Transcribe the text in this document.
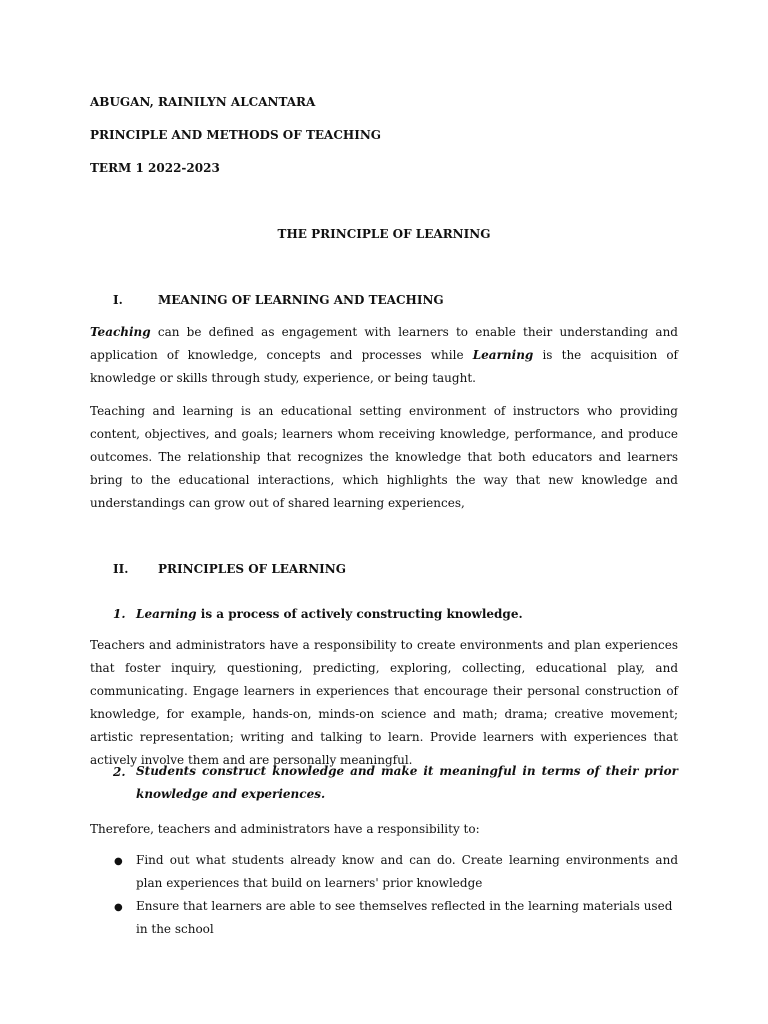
ABUGAN, RAINILYN ALCANTARA
PRINCIPLE AND METHODS OF TEACHING
TERM 1 2022-2023
THE PRINCIPLE OF LEARNING
I.	MEANING OF LEARNING AND TEACHING

Teaching can be defined as engagement with learners to enable their understanding and application of knowledge, concepts and processes while Learning is the acquisition of knowledge or skills through study, experience, or being taught.

Teaching and learning is an educational setting environment of instructors who providing content, objectives, and goals; learners whom receiving knowledge, performance, and produce outcomes. The relationship that recognizes the knowledge that both educators and learners bring to the educational interactions, which highlights the way that new knowledge and understandings can grow out of shared learning experiences,

II. PRINCIPLES OF LEARNING
1. Learning is a process of actively constructing knowledge.

Teachers and administrators have a responsibility to create environments and plan experiences that foster inquiry, questioning, predicting, exploring, collecting, educational play, and communicating. Engage learners in experiences that encourage their personal construction of knowledge, for example, hands-on, minds-on science and math; drama; creative movement; artistic representation; writing and talking to learn. Provide learners with experiences that actively involve them and are personally meaningful.

2. Students construct knowledge and make it meaningful in terms of their prior knowledge and experiences.

Therefore, teachers and administrators have a responsibility to:
● Find out what students already know and can do. Create learning environments and plan experiences that build on learners' prior knowledge

● Ensure that learners are able to see themselves reflected in the learning materials used in the school
